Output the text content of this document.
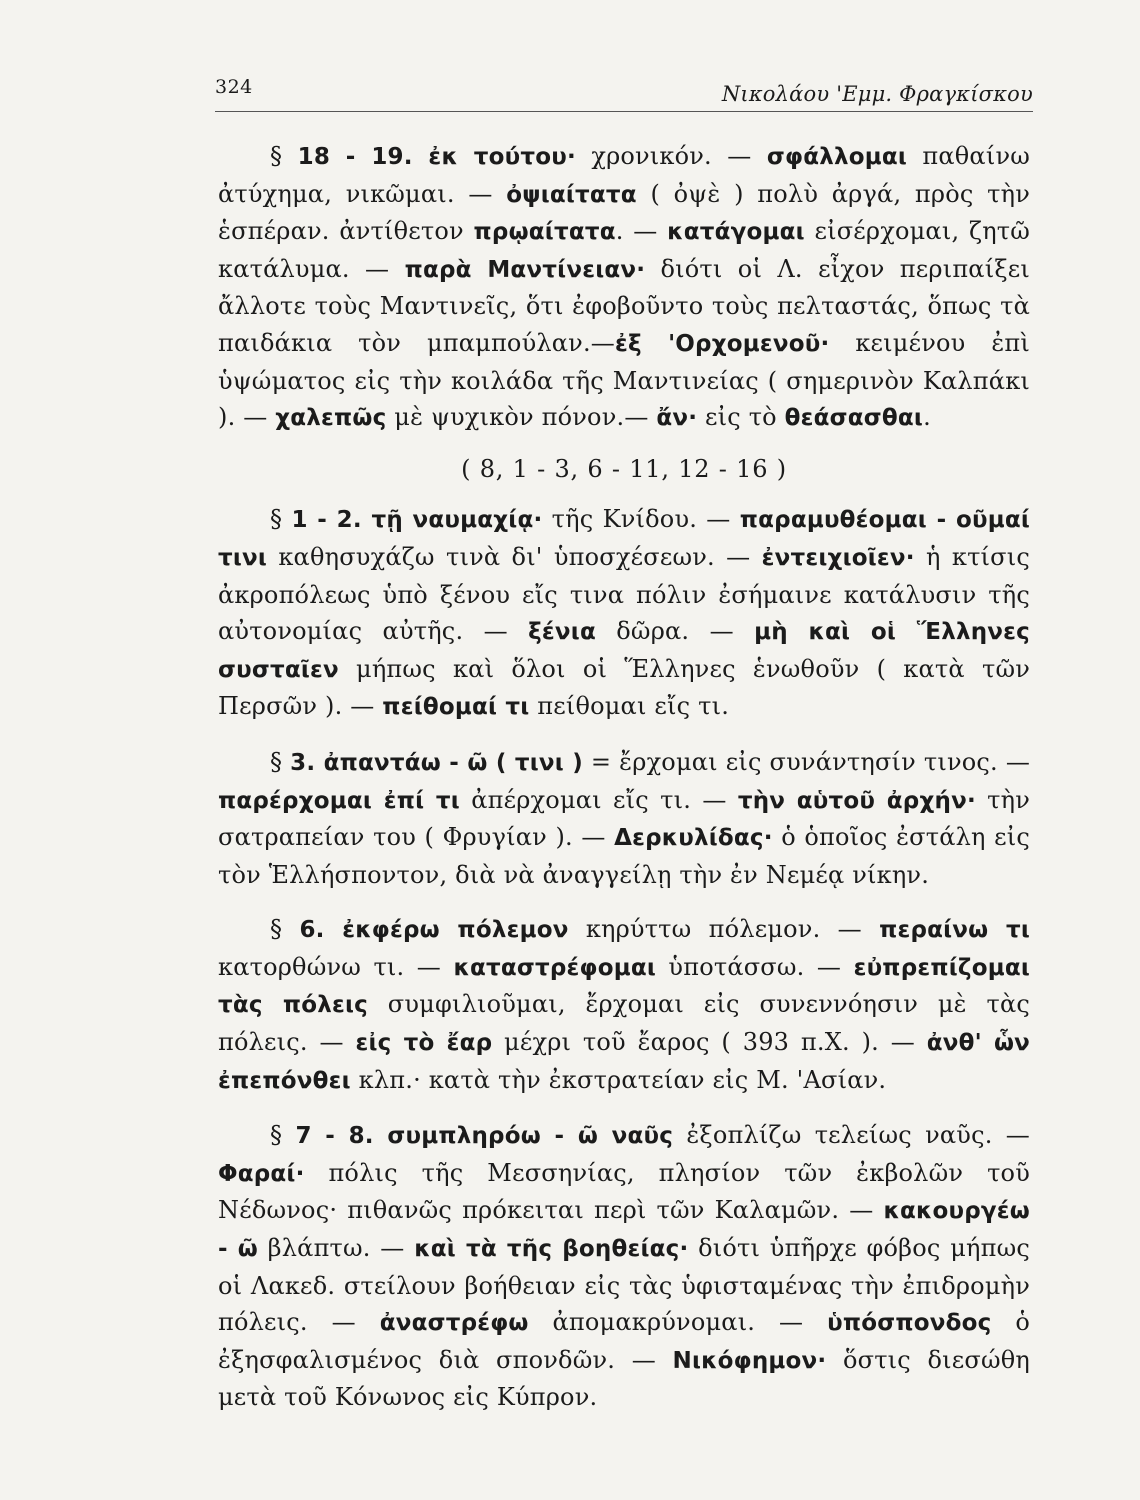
324	Νικολάου 'Εμμ. Φραγκίσκου

§ 18 - 19. ἐκ τούτου· χρονικόν. — σφάλλομαι παθαίνω ἀτύχημα, νικῶμαι. — ὀψιαίτατα ( ὀψὲ ) πολὺ ἀργά, πρὸς τὴν ἑσπέραν. ἀντίθετον πρῳαίτατα. — κατάγομαι εἰσέρχομαι, ζητῶ κατάλυμα. — παρὰ Μαντίνειαν· διότι οἱ Λ. εἶχον περιπαίξει ἄλλοτε τοὺς Μαντινεῖς, ὅτι ἐφοβοῦντο τοὺς πελταστάς, ὅπως τὰ παιδάκια τὸν μπαμπούλαν.—ἐξ 'Ορχομενοῦ· κειμένου ἐπὶ ὑψώματος εἰς τὴν κοιλάδα τῆς Μαντινείας ( σημερινὸν Καλπάκι ). — χαλεπῶς μὲ ψυχικὸν πόνον.— ἄν· εἰς τὸ θεάσασθαι.

( 8, 1 - 3, 6 - 11, 12 - 16 )

§ 1 - 2. τῇ ναυμαχίᾳ· τῆς Κνίδου. — παραμυθέομαι - οῦμαί τινι καθησυχάζω τινὰ δι' ὑποσχέσεων. — ἐντειχιοῖεν· ἡ κτίσις ἀκροπόλεως ὑπὸ ξένου εἴς τινα πόλιν ἐσήμαινε κατάλυσιν τῆς αὐτονομίας αὐτῆς. — ξένια δῶρα. — μὴ καὶ οἱ Ἕλληνες συσταῖεν μήπως καὶ ὅλοι οἱ Ἕλληνες ἑνωθοῦν ( κατὰ τῶν Περσῶν ). — πείθομαί τι πείθομαι εἴς τι.

§ 3. ἀπαντάω - ῶ ( τινι ) = ἔρχομαι εἰς συνάντησίν τινος. — παρέρχομαι ἐπί τι ἀπέρχομαι εἴς τι. — τὴν αὑτοῦ ἀρχήν· τὴν σατραπείαν του ( Φρυγίαν ). — Δερκυλίδας· ὁ ὁποῖος ἐστάλη εἰς τὸν Ἑλλήσποντον, διὰ νὰ ἀναγγείλῃ τὴν ἐν Νεμέᾳ νίκην.

§ 6. ἐκφέρω πόλεμον κηρύττω πόλεμον. — περαίνω τι κατορθώνω τι. — καταστρέφομαι ὑποτάσσω. — εὐπρεπίζομαι τὰς πόλεις συμφιλιοῦμαι, ἔρχομαι εἰς συνεννόησιν μὲ τὰς πόλεις. — εἰς τὸ ἔαρ μέχρι τοῦ ἔαρος ( 393 π.Χ. ). — ἀνθ' ὧν ἐπεπόνθει κλπ.· κατὰ τὴν ἐκστρατείαν εἰς Μ. 'Ασίαν.

§ 7 - 8. συμπληρόω - ῶ ναῦς ἐξοπλίζω τελείως ναῦς. — Φαραί· πόλις τῆς Μεσσηνίας, πλησίον τῶν ἐκβολῶν τοῦ Νέδωνος· πιθανῶς πρόκειται περὶ τῶν Καλαμῶν. — κακουργέω - ῶ βλάπτω. — καὶ τὰ τῆς βοηθείας· διότι ὑπῆρχε φόβος μήπως οἱ Λακεδ. στείλουν βοήθειαν εἰς τὰς ὑφισταμένας τὴν ἐπιδρομὴν πόλεις. — ἀναστρέφω ἀπομακρύνομαι. — ὑπόσπονδος ὁ ἐξησφαλισμένος διὰ σπονδῶν. — Νικόφημον· ὅστις διεσώθη μετὰ τοῦ Κόνωνος εἰς Κύπρον.
